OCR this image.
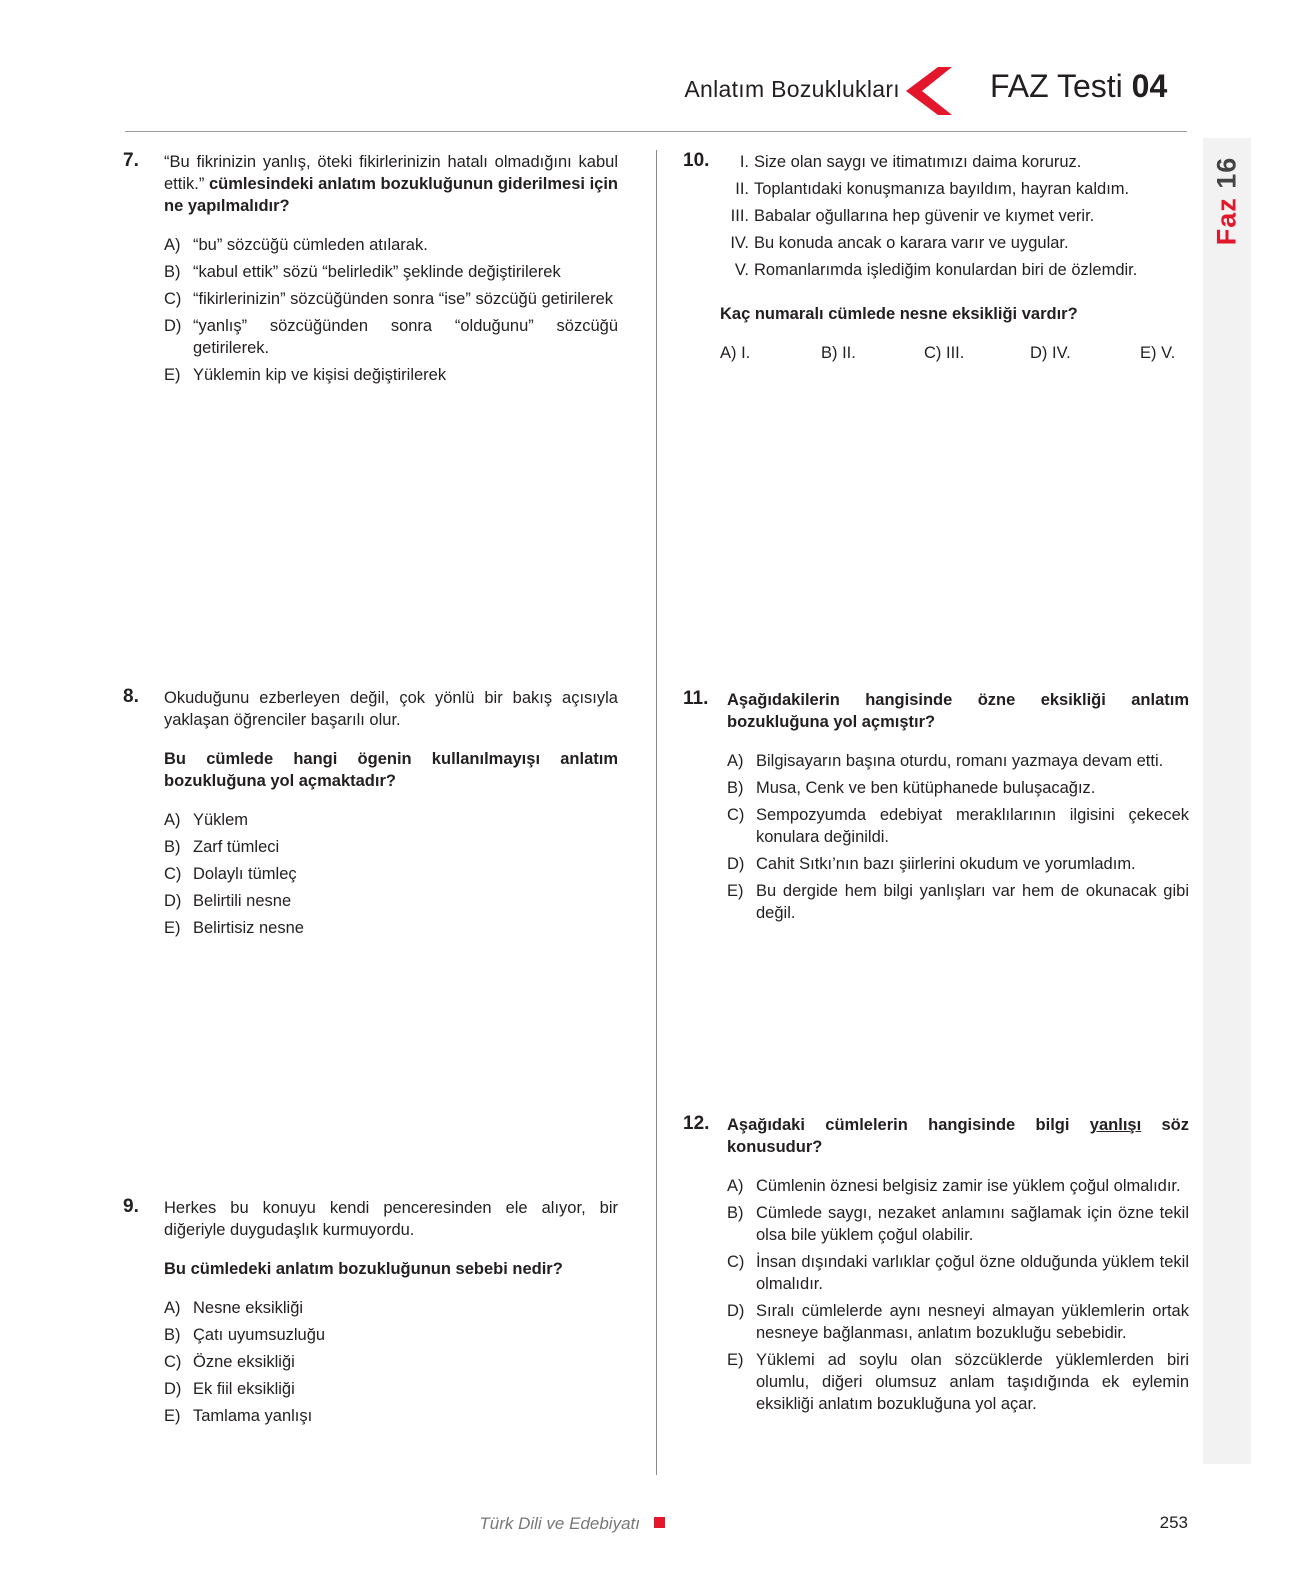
Anlatım Bozuklukları	FAZ Testi 04
Faz 16
7. “Bu fikrinizin yanlış, öteki fikirlerinizin hatalı olmadığını kabul ettik.” cümlesindeki anlatım bozukluğunun giderilmesi için ne yapılmalıdır?
A) “bu” sözcüğü cümleden atılarak.
B) “kabul ettik” sözü “belirledik” şeklinde değiştirilerek
C) “fikirlerinizin” sözcüğünden sonra “ise” sözcüğü getirilerek
D) “yanlış” sözcüğünden sonra “olduğunu” sözcüğü getirilerek.
E) Yüklemin kip ve kişisi değiştirilerek
8. Okuduğunu ezberleyen değil, çok yönlü bir bakış açısıyla yaklaşan öğrenciler başarılı olur.
Bu cümlede hangi ögenin kullanılmayışı anlatım bozukluğuna yol açmaktadır?
A) Yüklem
B) Zarf tümleci
C) Dolaylı tümleç
D) Belirtili nesne
E) Belirtisiz nesne
9. Herkes bu konuyu kendi penceresinden ele alıyor, bir diğeriyle duygudaşlık kurmuyordu.
Bu cümledeki anlatım bozukluğunun sebebi nedir?
A) Nesne eksikliği
B) Çatı uyumsuzluğu
C) Özne eksikliği
D) Ek fiil eksikliği
E) Tamlama yanlışı
10.	I. Size olan saygı ve itimatımızı daima koruruz.
II. Toplantıdaki konuşmanıza bayıldım, hayran kaldım.
III. Babalar oğullarına hep güvenir ve kıymet verir.
IV. Bu konuda ancak o karara varır ve uygular.
V. Romanlarımda işlediğim konulardan biri de özlemdir.
Kaç numaralı cümlede nesne eksikliği vardır?
A) I.	B) II.	C) III.	D) IV.	E) V.
11. Aşağıdakilerin hangisinde özne eksikliği anlatım bozukluğuna yol açmıştır?
A) Bilgisayarın başına oturdu, romanı yazmaya devam etti.
B) Musa, Cenk ve ben kütüphanede buluşacağız.
C) Sempozyumda edebiyat meraklılarının ilgisini çekecek konulara değinildi.
D) Cahit Sıtkı’nın bazı şiirlerini okudum ve yorumladım.
E) Bu dergide hem bilgi yanlışları var hem de okunacak gibi değil.
12. Aşağıdaki cümlelerin hangisinde bilgi yanlışı söz konusudur?
A) Cümlenin öznesi belgisiz zamir ise yüklem çoğul olmalıdır.
B) Cümlede saygı, nezaket anlamını sağlamak için özne tekil olsa bile yüklem çoğul olabilir.
C) İnsan dışındaki varlıklar çoğul özne olduğunda yüklem tekil olmalıdır.
D) Sıralı cümlelerde aynı nesneyi almayan yüklemlerin ortak nesneye bağlanması, anlatım bozukluğu sebebidir.
E) Yüklemi ad soylu olan sözcüklerde yüklemlerden biri olumlu, diğeri olumsuz anlam taşıdığında ek eylemin eksikliği anlatım bozukluğuna yol açar.
Türk Dili ve Edebiyatı	253
